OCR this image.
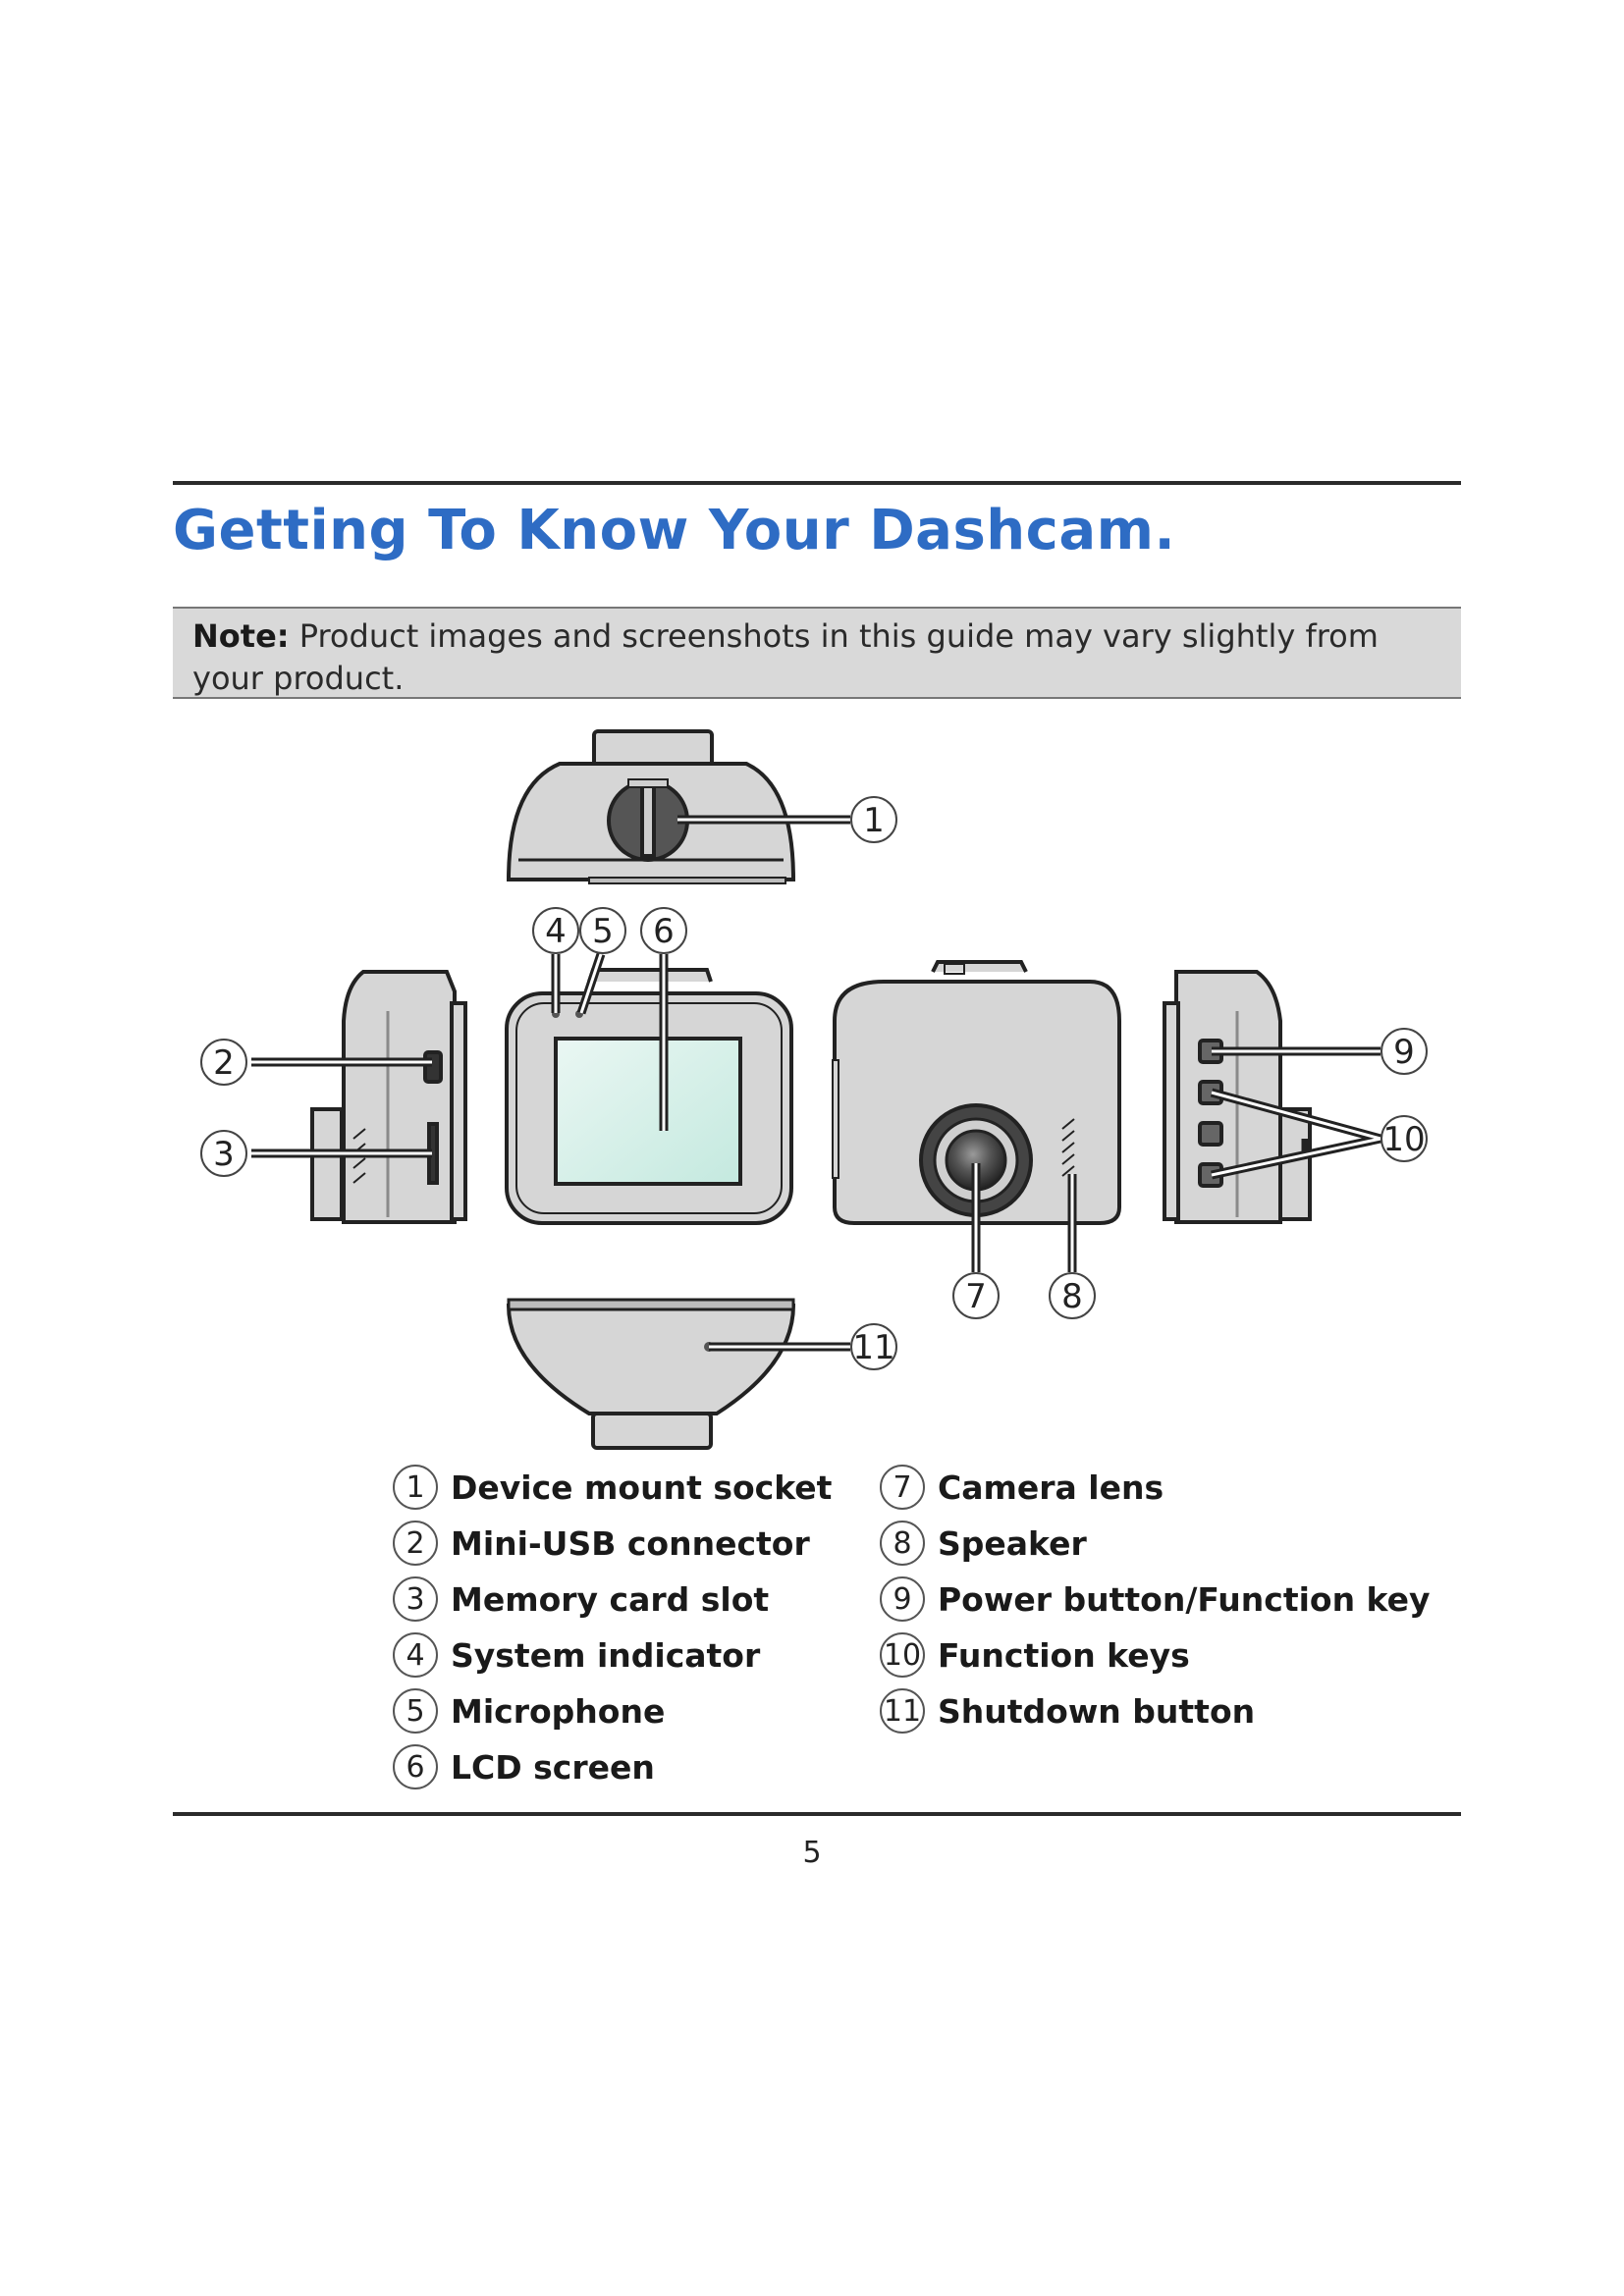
Getting To Know Your Dashcam.
Note: Product images and screenshots in this guide may vary slightly from your product.
1
2
3
4 5 6
7 8
9
10
11
1 Device mount socket
2 Mini-USB connector
3 Memory card slot
4 System indicator
5 Microphone
6 LCD screen
7 Camera lens
8 Speaker
9 Power button/Function key
10 Function keys
11 Shutdown button
5
